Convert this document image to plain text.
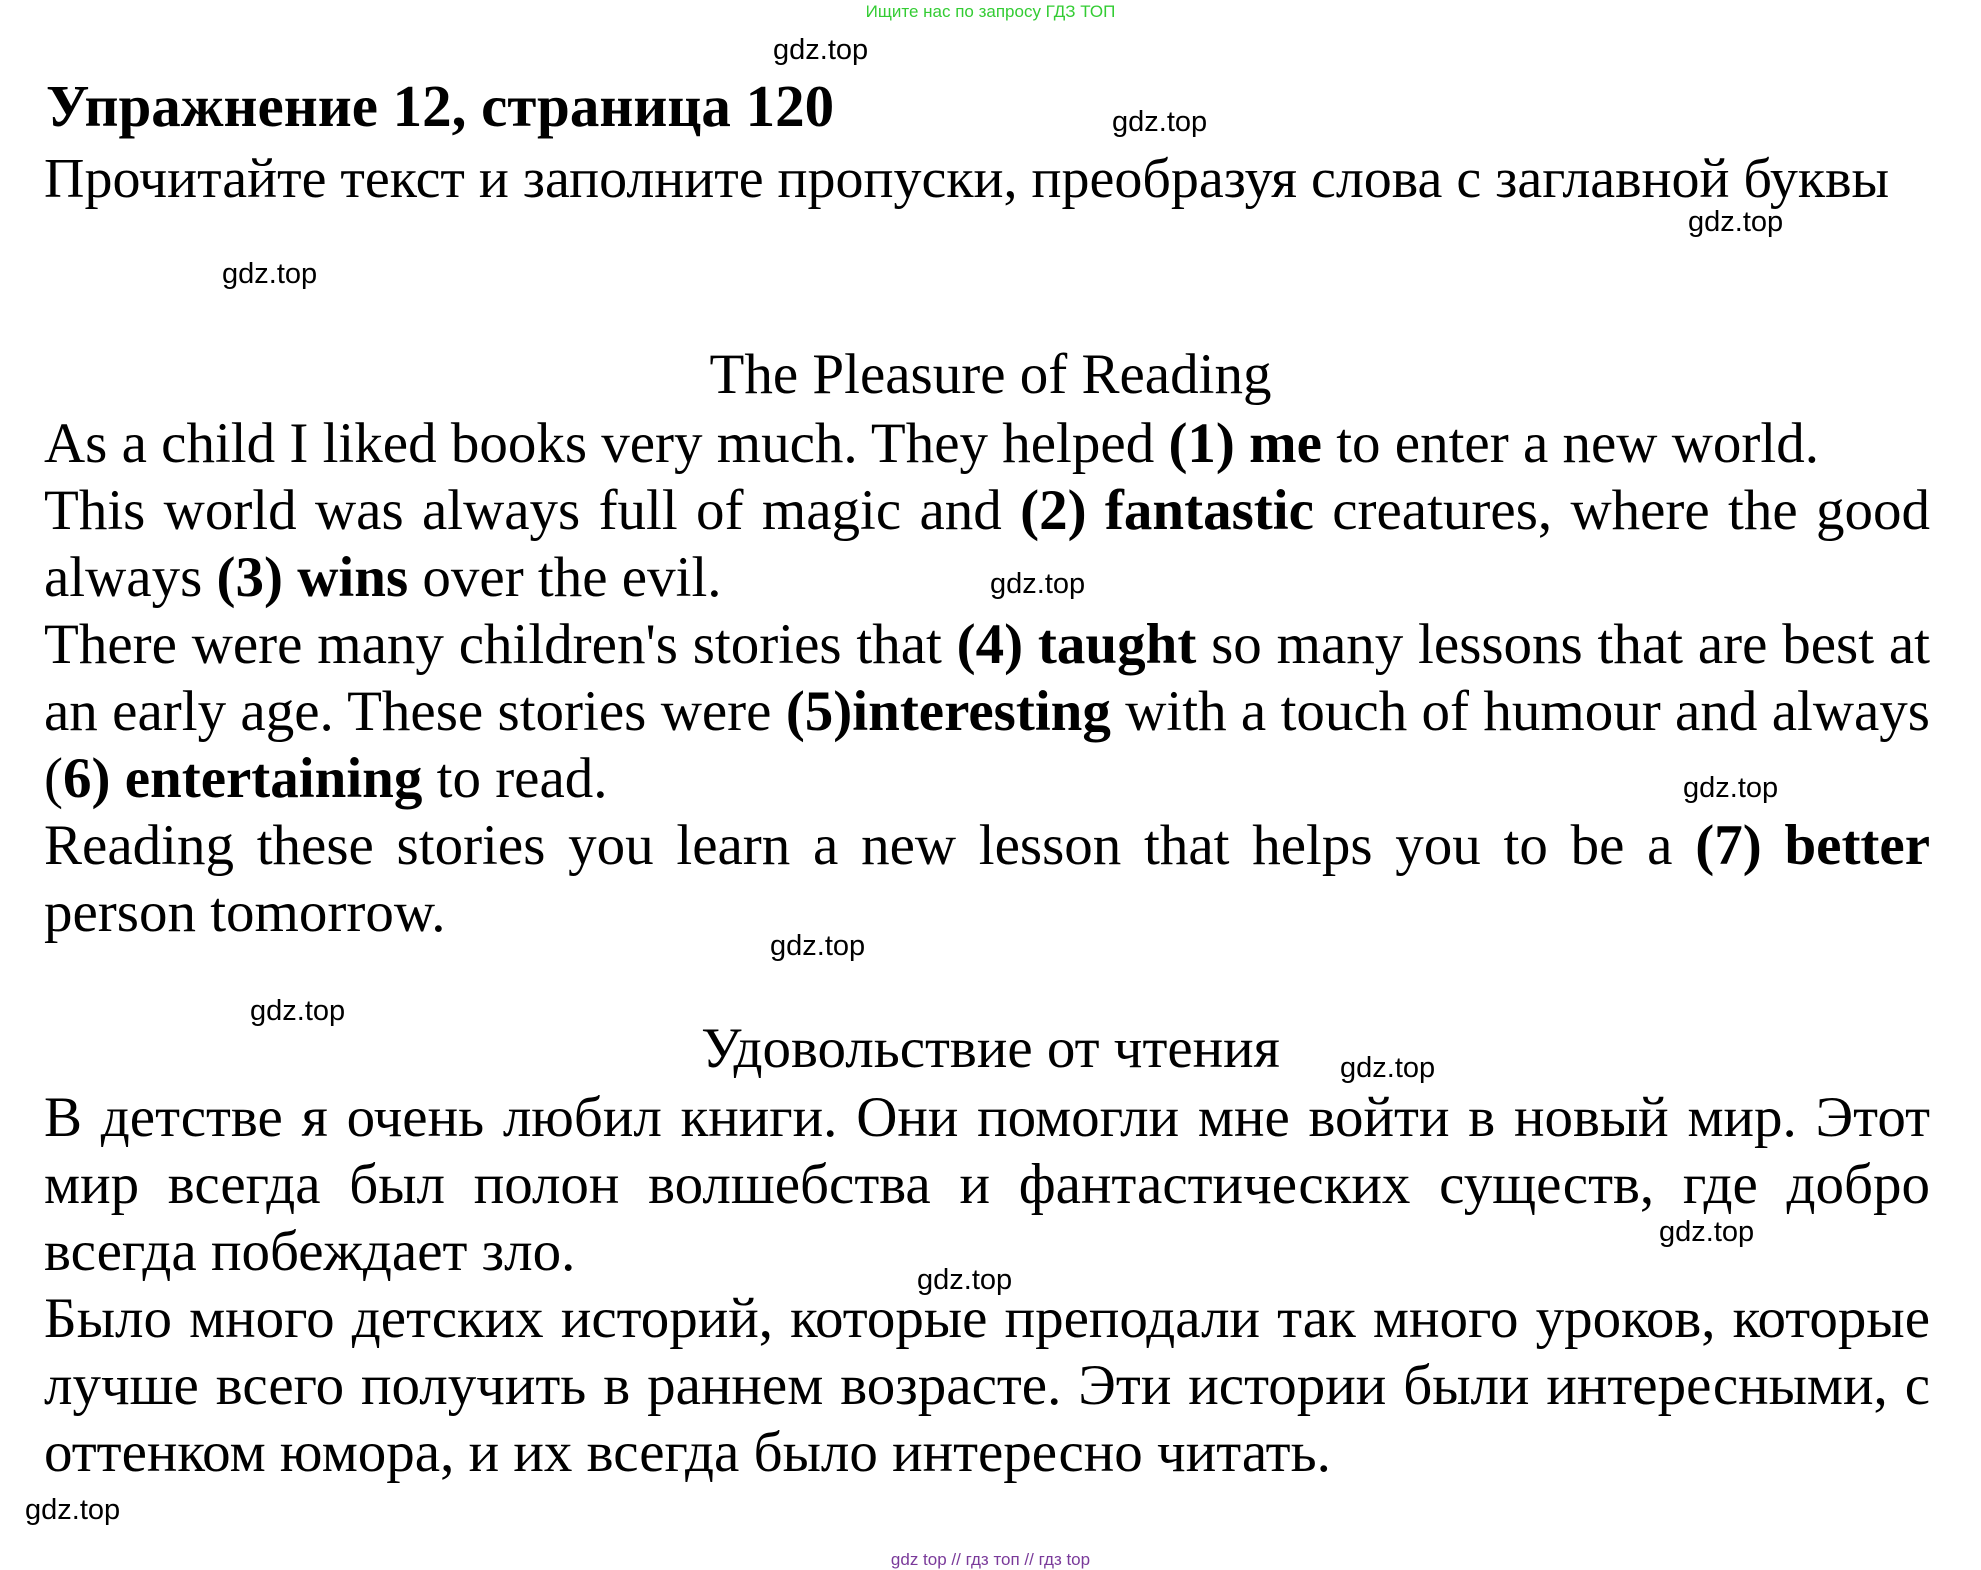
Ищите нас по запросу ГДЗ ТОП
Упражнение 12, страница 120

Прочитайте текст и заполните пропуски, преобразуя слова с заглавной буквы

The Pleasure of Reading

As a child I liked books very much. They helped (1) me to enter a new world.

This world was always full of magic and (2) fantastic creatures, where the good always (3) wins over the evil.

There were many children's stories that (4) taught so many lessons that are best at an early age. These stories were (5)interesting with a touch of humour and always (6) entertaining to read.

Reading these stories you learn a new lesson that helps you to be a (7) better person tomorrow.

Удовольствие от чтения

В детстве я очень любил книги. Они помогли мне войти в новый мир. Этот мир всегда был полон волшебства и фантастических существ, где добро всегда побеждает зло.

Было много детских историй, которые преподали так много уроков, которые лучше всего получить в раннем возрасте. Эти истории были интересными, с оттенком юмора, и их всегда было интересно читать.

gdz.top
gdz.top
gdz.top
gdz.top
gdz.top
gdz.top
gdz.top
gdz.top
gdz.top
gdz.top
gdz.top
gdz.top
gdz top // гдз топ // гдз top
